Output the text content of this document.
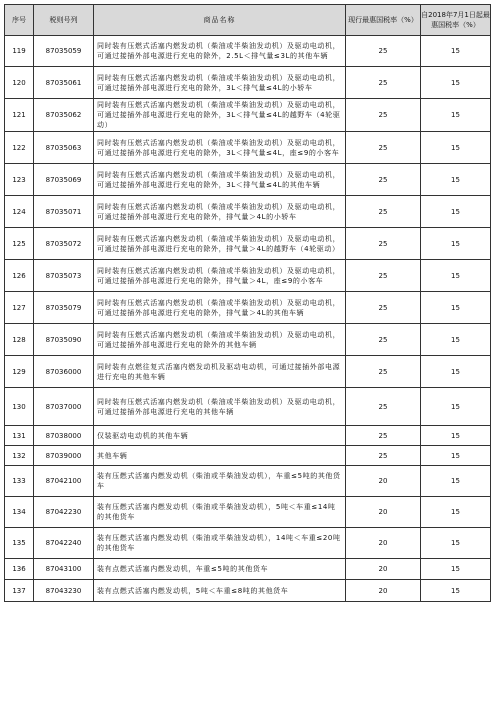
序号	税则号列	商品名称	现行最惠国税率（%）	自2018年7月1日起最惠国税率（%）
119	87035059	同时装有压燃式活塞内燃发动机（柴油或半柴油发动机）及驱动电动机，可通过接插外部电源进行充电的除外，2.5L＜排气量≤3L的其他车辆	25	15
120	87035061	同时装有压燃式活塞内燃发动机（柴油或半柴油发动机）及驱动电动机，可通过接插外部电源进行充电的除外，3L＜排气量≤4L的小轿车	25	15
121	87035062	同时装有压燃式活塞内燃发动机（柴油或半柴油发动机）及驱动电动机，可通过接插外部电源进行充电的除外，3L＜排气量≤4L的越野车（4轮驱动）	25	15
122	87035063	同时装有压燃式活塞内燃发动机（柴油或半柴油发动机）及驱动电动机，可通过接插外部电源进行充电的除外，3L＜排气量≤4L，座≤9的小客车	25	15
123	87035069	同时装有压燃式活塞内燃发动机（柴油或半柴油发动机）及驱动电动机，可通过接插外部电源进行充电的除外，3L＜排气量≤4L的其他车辆	25	15
124	87035071	同时装有压燃式活塞内燃发动机（柴油或半柴油发动机）及驱动电动机，可通过接插外部电源进行充电的除外，排气量＞4L的小轿车	25	15
125	87035072	同时装有压燃式活塞内燃发动机（柴油或半柴油发动机）及驱动电动机，可通过接插外部电源进行充电的除外，排气量＞4L的越野车（4轮驱动）	25	15
126	87035073	同时装有压燃式活塞内燃发动机（柴油或半柴油发动机）及驱动电动机，可通过接插外部电源进行充电的除外，排气量＞4L，座≤9的小客车	25	15
127	87035079	同时装有压燃式活塞内燃发动机（柴油或半柴油发动机）及驱动电动机，可通过接插外部电源进行充电的除外，排气量＞4L的其他车辆	25	15
128	87035090	同时装有压燃式活塞内燃发动机（柴油或半柴油发动机）及驱动电动机，可通过接插外部电源进行充电的除外的其他车辆	25	15
129	87036000	同时装有点燃往复式活塞内燃发动机及驱动电动机，可通过接插外部电源进行充电的其他车辆	25	15
130	87037000	同时装有压燃式活塞内燃发动机（柴油或半柴油发动机）及驱动电动机，可通过接插外部电源进行充电的其他车辆	25	15
131	87038000	仅装驱动电动机的其他车辆	25	15
132	87039000	其他车辆	25	15
133	87042100	装有压燃式活塞内燃发动机（柴油或半柴油发动机），车重≤5吨的其他货车	20	15
134	87042230	装有压燃式活塞内燃发动机（柴油或半柴油发动机），5吨＜车重≤14吨的其他货车	20	15
135	87042240	装有压燃式活塞内燃发动机（柴油或半柴油发动机），14吨＜车重≤20吨的其他货车	20	15
136	87043100	装有点燃式活塞内燃发动机，车重≤5吨的其他货车	20	15
137	87043230	装有点燃式活塞内燃发动机，5吨＜车重≤8吨的其他货车	20	15
